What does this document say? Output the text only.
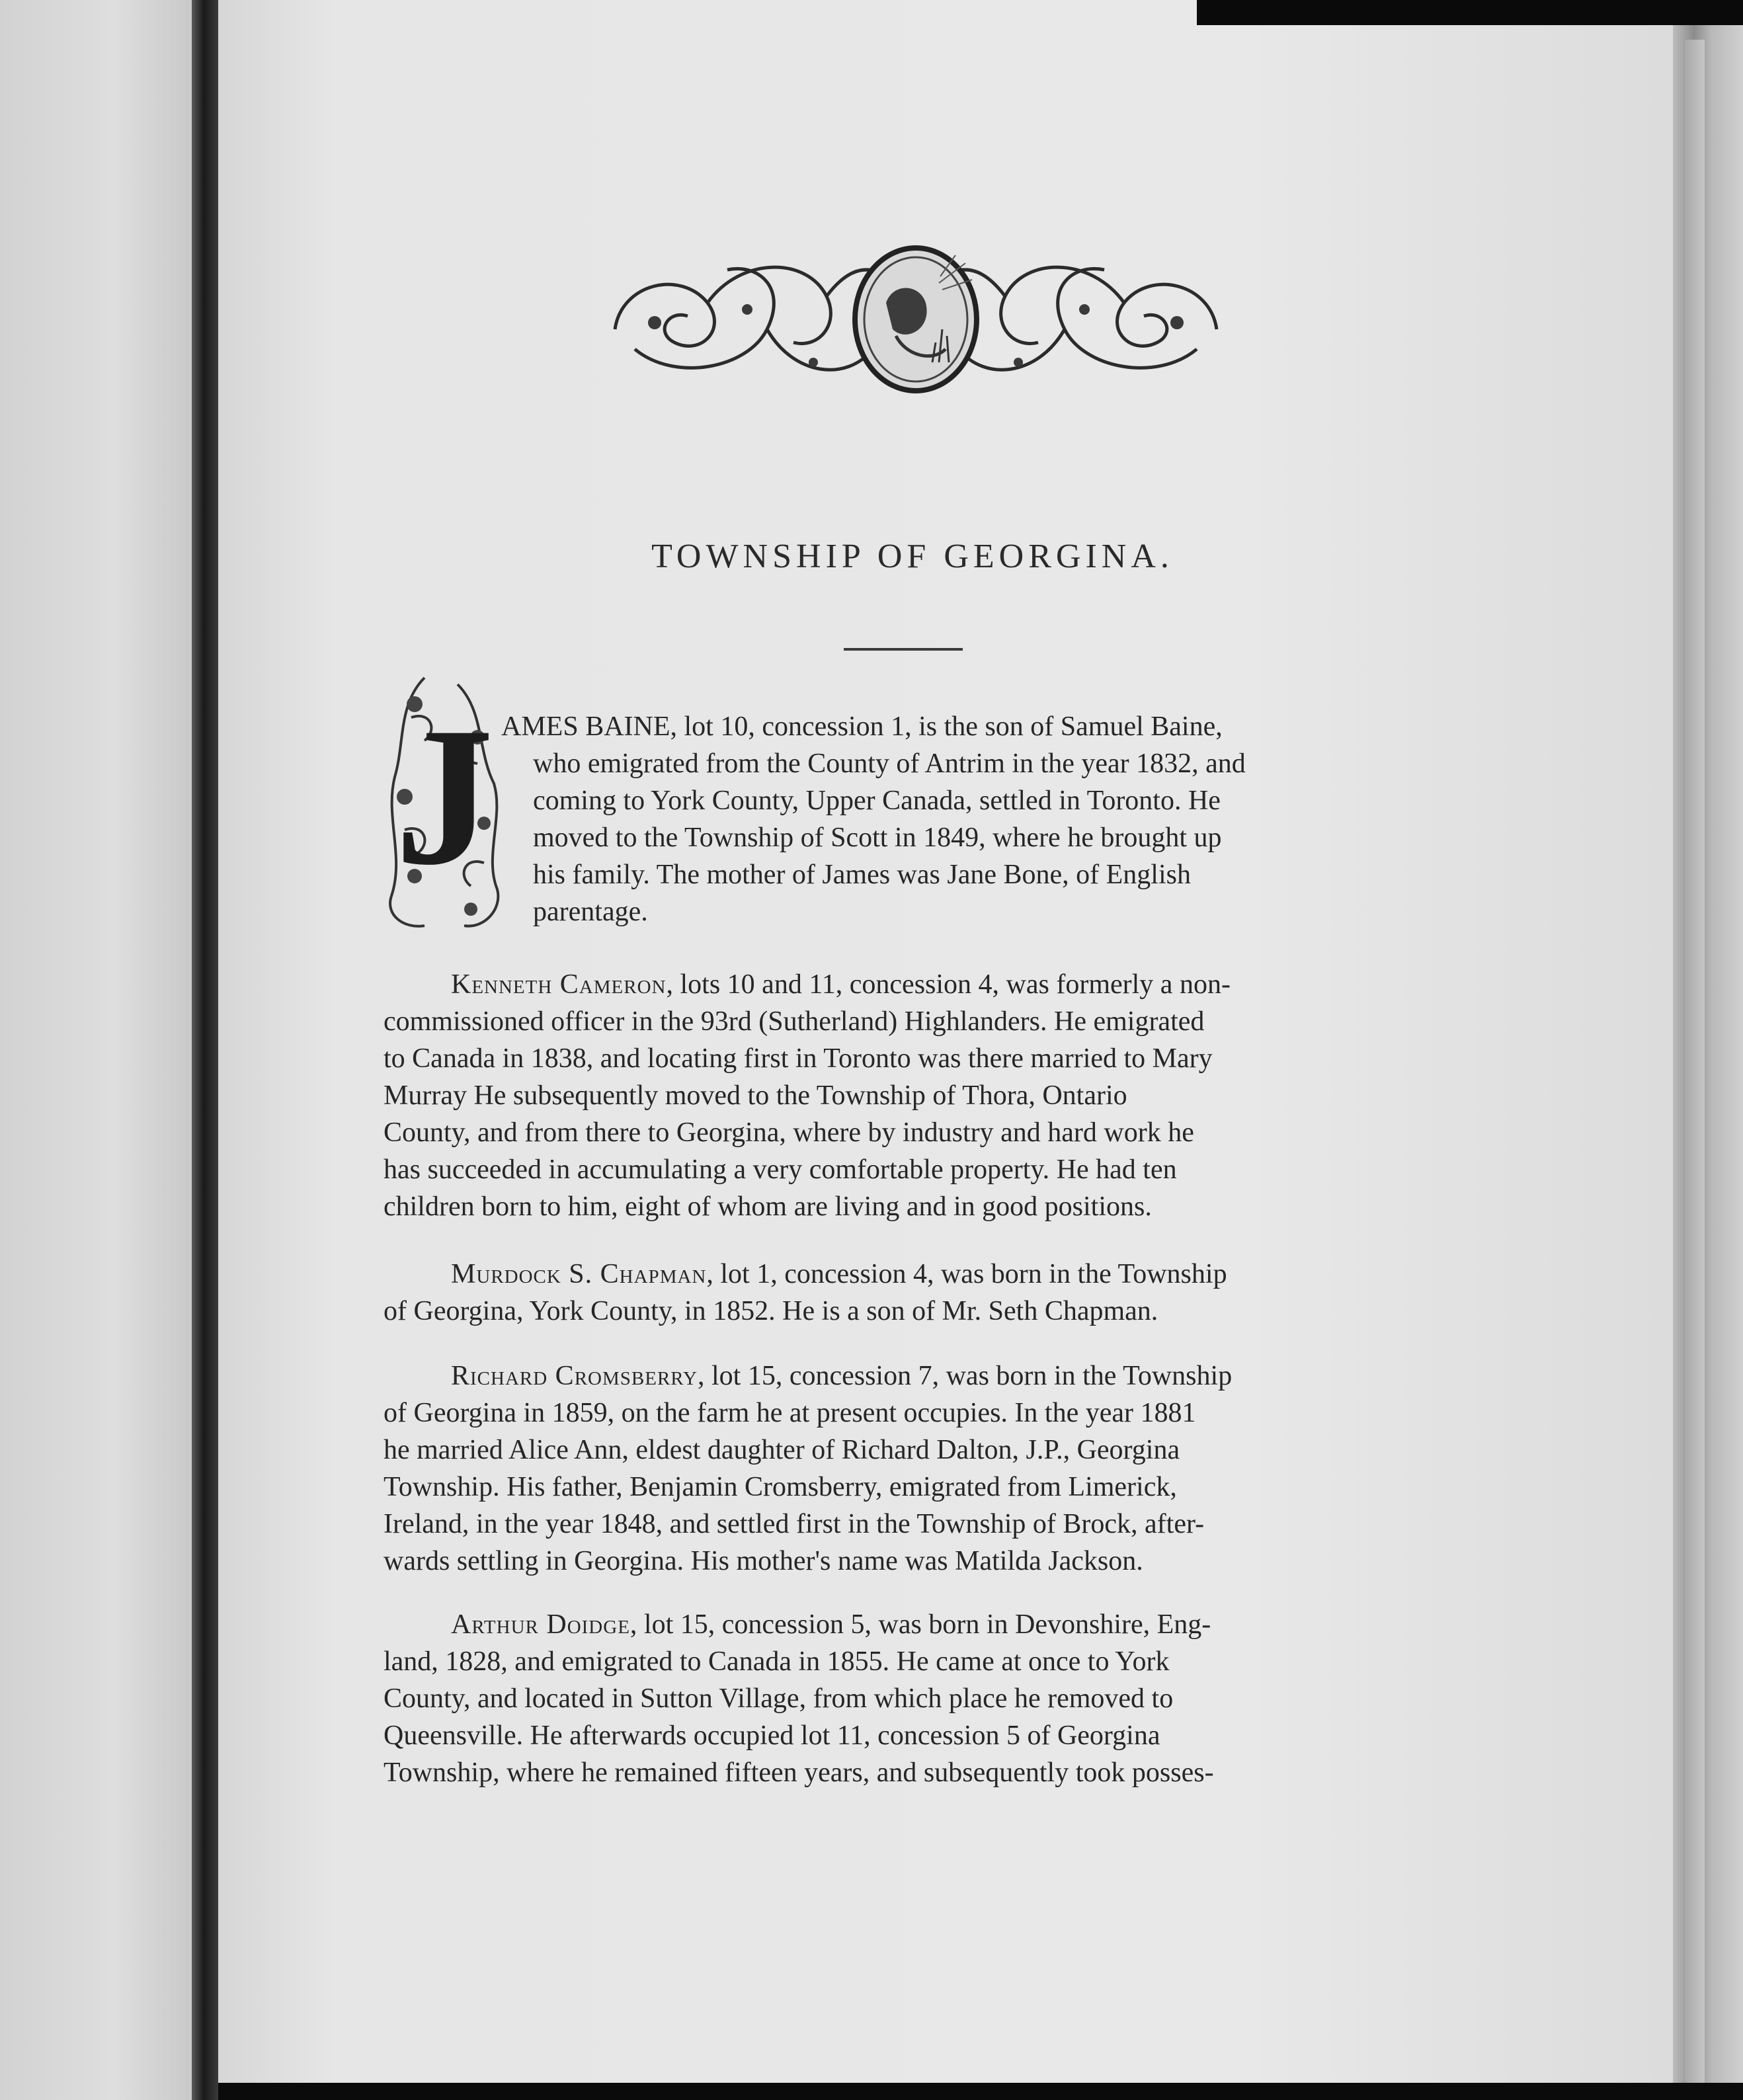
TOWNSHIP OF GEORGINA.
J AMES BAINE, lot 10, concession 1, is the son of Samuel Baine,
who emigrated from the County of Antrim in the year 1832, and
coming to York County, Upper Canada, settled in Toronto. He
moved to the Township of Scott in 1849, where he brought up
his family. The mother of James was Jane Bone, of English
parentage.
Kenneth Cameron, lots 10 and 11, concession 4, was formerly a non-
commissioned officer in the 93rd (Sutherland) Highlanders. He emigrated
to Canada in 1838, and locating first in Toronto was there married to Mary
Murray He subsequently moved to the Township of Thora, Ontario
County, and from there to Georgina, where by industry and hard work he
has succeeded in accumulating a very comfortable property. He had ten
children born to him, eight of whom are living and in good positions.
Murdock S. Chapman, lot 1, concession 4, was born in the Township
of Georgina, York County, in 1852. He is a son of Mr. Seth Chapman.
Richard Cromsberry, lot 15, concession 7, was born in the Township
of Georgina in 1859, on the farm he at present occupies. In the year 1881
he married Alice Ann, eldest daughter of Richard Dalton, J.P., Georgina
Township. His father, Benjamin Cromsberry, emigrated from Limerick,
Ireland, in the year 1848, and settled first in the Township of Brock, after-
wards settling in Georgina. His mother's name was Matilda Jackson.
Arthur Doidge, lot 15, concession 5, was born in Devonshire, Eng-
land, 1828, and emigrated to Canada in 1855. He came at once to York
County, and located in Sutton Village, from which place he removed to
Queensville. He afterwards occupied lot 11, concession 5 of Georgina
Township, where he remained fifteen years, and subsequently took posses-
